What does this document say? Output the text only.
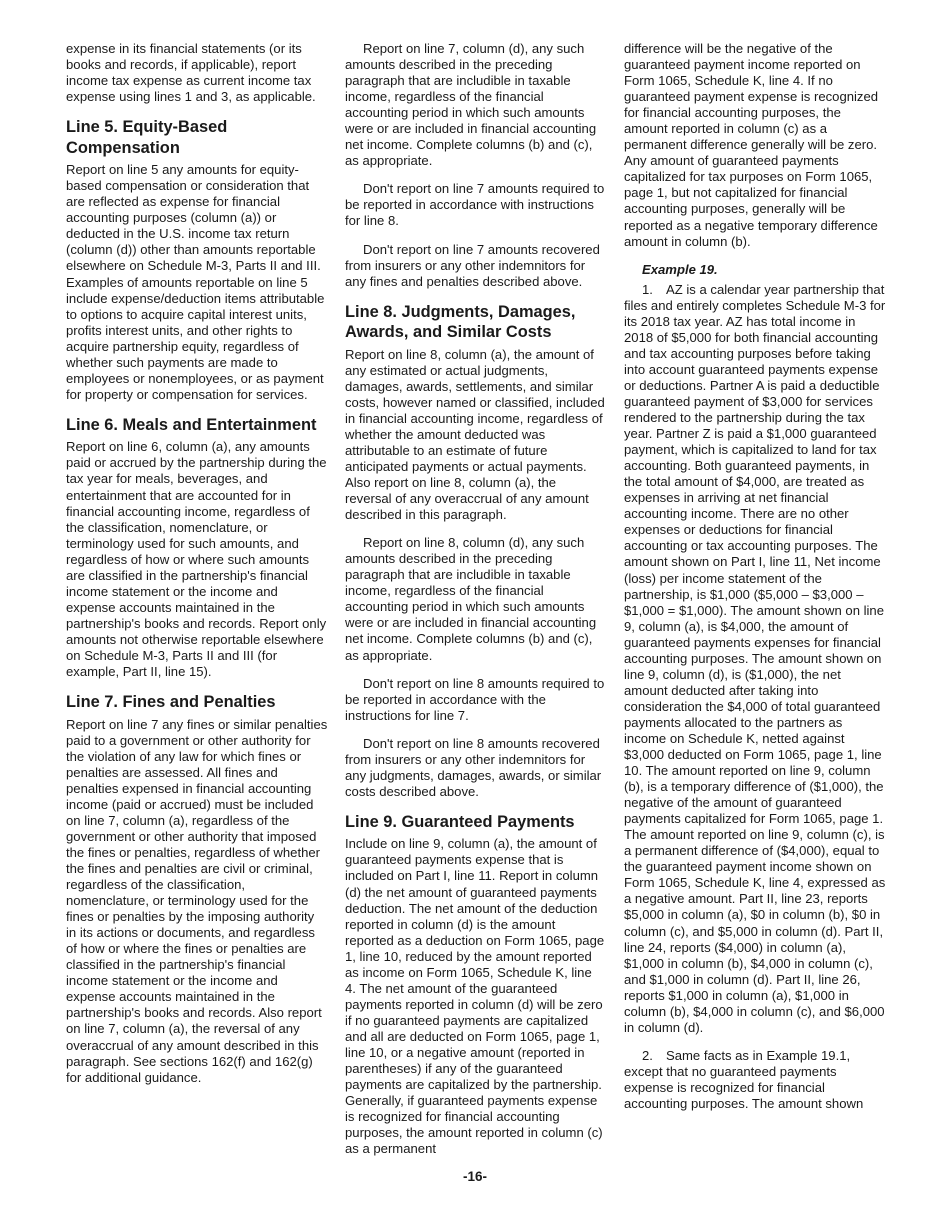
expense in its financial statements (or its books and records, if applicable), report income tax expense as current income tax expense using lines 1 and 3, as applicable.

Line 5. Equity-Based Compensation

Report on line 5 any amounts for equity-based compensation or consideration that are reflected as expense for financial accounting purposes (column (a)) or deducted in the U.S. income tax return (column (d)) other than amounts reportable elsewhere on Schedule M-3, Parts II and III. Examples of amounts reportable on line 5 include expense/deduction items attributable to options to acquire capital interest units, profits interest units, and other rights to acquire partnership equity, regardless of whether such payments are made to employees or nonemployees, or as payment for property or compensation for services.

Line 6. Meals and Entertainment

Report on line 6, column (a), any amounts paid or accrued by the partnership during the tax year for meals, beverages, and entertainment that are accounted for in financial accounting income, regardless of the classification, nomenclature, or terminology used for such amounts, and regardless of how or where such amounts are classified in the partnership's financial income statement or the income and expense accounts maintained in the partnership's books and records. Report only amounts not otherwise reportable elsewhere on Schedule M-3, Parts II and III (for example, Part II, line 15).

Line 7. Fines and Penalties

Report on line 7 any fines or similar penalties paid to a government or other authority for the violation of any law for which fines or penalties are assessed. All fines and penalties expensed in financial accounting income (paid or accrued) must be included on line 7, column (a), regardless of the government or other authority that imposed the fines or penalties, regardless of whether the fines and penalties are civil or criminal, regardless of the classification, nomenclature, or terminology used for the fines or penalties by the imposing authority in its actions or documents, and regardless of how or where the fines or penalties are classified in the partnership's financial income statement or the income and expense accounts maintained in the partnership's books and records. Also report on line 7, column (a), the reversal of any overaccrual of any amount described in this paragraph. See sections 162(f) and 162(g) for additional guidance.

Report on line 7, column (d), any such amounts described in the preceding paragraph that are includible in taxable income, regardless of the financial accounting period in which such amounts were or are included in financial accounting net income. Complete columns (b) and (c), as appropriate.

Don't report on line 7 amounts required to be reported in accordance with instructions for line 8.

Don't report on line 7 amounts recovered from insurers or any other indemnitors for any fines and penalties described above.

Line 8. Judgments, Damages, Awards, and Similar Costs

Report on line 8, column (a), the amount of any estimated or actual judgments, damages, awards, settlements, and similar costs, however named or classified, included in financial accounting income, regardless of whether the amount deducted was attributable to an estimate of future anticipated payments or actual payments. Also report on line 8, column (a), the reversal of any overaccrual of any amount described in this paragraph.

Report on line 8, column (d), any such amounts described in the preceding paragraph that are includible in taxable income, regardless of the financial accounting period in which such amounts were or are included in financial accounting net income. Complete columns (b) and (c), as appropriate.

Don't report on line 8 amounts required to be reported in accordance with the instructions for line 7.

Don't report on line 8 amounts recovered from insurers or any other indemnitors for any judgments, damages, awards, or similar costs described above.

Line 9. Guaranteed Payments

Include on line 9, column (a), the amount of guaranteed payments expense that is included on Part I, line 11. Report in column (d) the net amount of guaranteed payments deduction. The net amount of the deduction reported in column (d) is the amount reported as a deduction on Form 1065, page 1, line 10, reduced by the amount reported as income on Form 1065, Schedule K, line 4. The net amount of the guaranteed payments reported in column (d) will be zero if no guaranteed payments are capitalized and all are deducted on Form 1065, page 1, line 10, or a negative amount (reported in parentheses) if any of the guaranteed payments are capitalized by the partnership. Generally, if guaranteed payments expense is recognized for financial accounting purposes, the amount reported in column (c) as a permanent

difference will be the negative of the guaranteed payment income reported on Form 1065, Schedule K, line 4. If no guaranteed payment expense is recognized for financial accounting purposes, the amount reported in column (c) as a permanent difference generally will be zero. Any amount of guaranteed payments capitalized for tax purposes on Form 1065, page 1, but not capitalized for financial accounting purposes, generally will be reported as a negative temporary difference amount in column (b).

Example 19.

1. AZ is a calendar year partnership that files and entirely completes Schedule M-3 for its 2018 tax year. AZ has total income in 2018 of $5,000 for both financial accounting and tax accounting purposes before taking into account guaranteed payments expense or deductions. Partner A is paid a deductible guaranteed payment of $3,000 for services rendered to the partnership during the tax year. Partner Z is paid a $1,000 guaranteed payment, which is capitalized to land for tax accounting. Both guaranteed payments, in the total amount of $4,000, are treated as expenses in arriving at net financial accounting income. There are no other expenses or deductions for financial accounting or tax accounting purposes. The amount shown on Part I, line 11, Net income (loss) per income statement of the partnership, is $1,000 ($5,000 – $3,000 – $1,000 = $1,000). The amount shown on line 9, column (a), is $4,000, the amount of guaranteed payments expenses for financial accounting purposes. The amount shown on line 9, column (d), is ($1,000), the net amount deducted after taking into consideration the $4,000 of total guaranteed payments allocated to the partners as income on Schedule K, netted against $3,000 deducted on Form 1065, page 1, line 10. The amount reported on line 9, column (b), is a temporary difference of ($1,000), the negative of the amount of guaranteed payments capitalized for Form 1065, page 1. The amount reported on line 9, column (c), is a permanent difference of ($4,000), equal to the guaranteed payment income shown on Form 1065, Schedule K, line 4, expressed as a negative amount. Part II, line 23, reports $5,000 in column (a), $0 in column (b), $0 in column (c), and $5,000 in column (d). Part II, line 24, reports ($4,000) in column (a), $1,000 in column (b), $4,000 in column (c), and $1,000 in column (d). Part II, line 26, reports $1,000 in column (a), $1,000 in column (b), $4,000 in column (c), and $6,000 in column (d).

2. Same facts as in Example 19.1, except that no guaranteed payments expense is recognized for financial accounting purposes. The amount shown

-16-
